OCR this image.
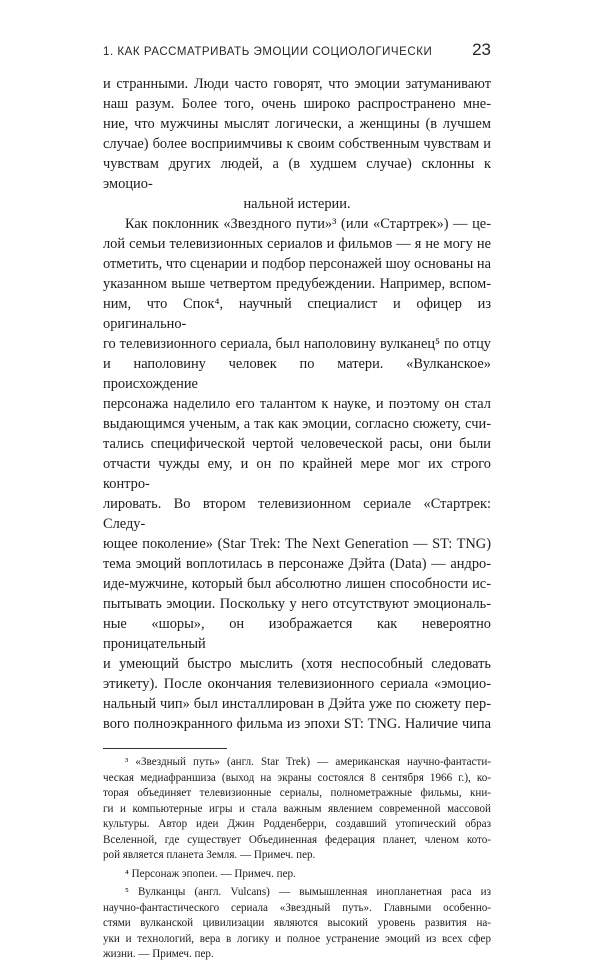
1. КАК РАССМАТРИВАТЬ ЭМОЦИИ СОЦИОЛОГИЧЕСКИ 23

и странными. Люди часто говорят, что эмоции затуманивают

наш разум. Более того, очень широко распространено мне-

ние, что мужчины мыслят логически, а женщины (в лучшем

случае) более восприимчивы к своим собственным чувствам и

чувствам других людей, а (в худшем случае) склонны к эмоцио-

нальной истерии.

Как поклонник «Звездного пути»³ (или «Стартрек») — це-

лой семьи телевизионных сериалов и фильмов — я не могу не

отметить, что сценарии и подбор персонажей шоу основаны на

указанном выше четвертом предубеждении. Например, вспом-

ним, что Спок⁴, научный специалист и офицер из оригинально-

го телевизионного сериала, был наполовину вулканец⁵ по отцу

и наполовину человек по матери. «Вулканское» происхождение

персонажа наделило его талантом к науке, и поэтому он стал

выдающимся ученым, а так как эмоции, согласно сюжету, счи-

тались специфической чертой человеческой расы, они были

отчасти чужды ему, и он по крайней мере мог их строго контро-

лировать. Во втором телевизионном сериале «Стартрек: Следу-

ющее поколение» (Star Trek: The Next Generation — ST: TNG)

тема эмоций воплотилась в персонаже Дэйта (Data) — андро-

иде-мужчине, который был абсолютно лишен способности ис-

пытывать эмоции. Поскольку у него отсутствуют эмоциональ-

ные «шоры», он изображается как невероятно проницательный

и умеющий быстро мыслить (хотя неспособный следовать

этикету). После окончания телевизионного сериала «эмоцио-

нальный чип» был инсталлирован в Дэйта уже по сюжету пер-

вого полноэкранного фильма из эпохи ST: TNG. Наличие чипа

³ «Звездный путь» (англ. Star Trek) — американская научно-фантасти-

ческая медиафраншиза (выход на экраны состоялся 8 сентября 1966 г.), ко-

торая объединяет телевизионные сериалы, полнометражные фильмы, кни-

ги и компьютерные игры и стала важным явлением современной массовой

культуры. Автор идеи Джин Родденберри, создавший утопический образ

Вселенной, где существует Объединенная федерация планет, членом кото-

рой является планета Земля. — Примеч. пер.

⁴ Персонаж эпопеи. — Примеч. пер.

⁵ Вулканцы (англ. Vulcans) — вымышленная инопланетная раса из

научно-фантастического сериала «Звездный путь». Главными особенно-

стями вулканской цивилизации являются высокий уровень развития на-

уки и технологий, вера в логику и полное устранение эмоций из всех сфер

жизни. — Примеч. пер.
